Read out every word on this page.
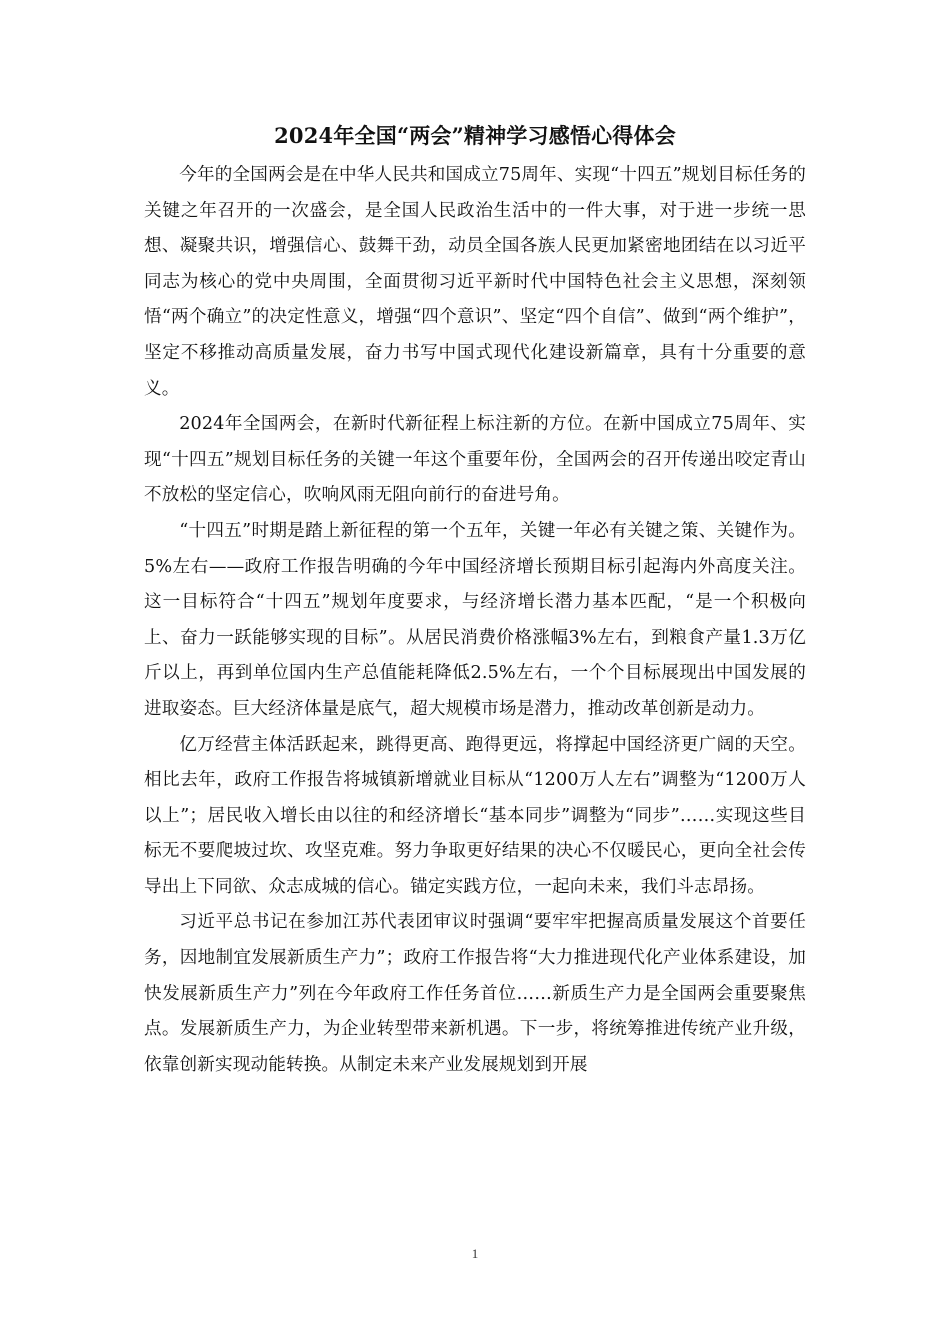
2024年全国“两会”精神学习感悟心得体会

今年的全国两会是在中华人民共和国成立75周年、实现“十四五”规划目标任务的关键之年召开的一次盛会，是全国人民政治生活中的一件大事，对于进一步统一思想、凝聚共识，增强信心、鼓舞干劲，动员全国各族人民更加紧密地团结在以习近平同志为核心的党中央周围，全面贯彻习近平新时代中国特色社会主义思想，深刻领悟“两个确立”的决定性意义，增强“四个意识”、坚定“四个自信”、做到“两个维护”，坚定不移推动高质量发展，奋力书写中国式现代化建设新篇章，具有十分重要的意义。

2024年全国两会，在新时代新征程上标注新的方位。在新中国成立75周年、实现“十四五”规划目标任务的关键一年这个重要年份，全国两会的召开传递出咬定青山不放松的坚定信心，吹响风雨无阻向前行的奋进号角。

“十四五”时期是踏上新征程的第一个五年，关键一年必有关键之策、关键作为。5%左右——政府工作报告明确的今年中国经济增长预期目标引起海内外高度关注。这一目标符合“十四五”规划年度要求，与经济增长潜力基本匹配，“是一个积极向上、奋力一跃能够实现的目标”。从居民消费价格涨幅3%左右，到粮食产量1.3万亿斤以上，再到单位国内生产总值能耗降低2.5%左右，一个个目标展现出中国发展的进取姿态。巨大经济体量是底气，超大规模市场是潜力，推动改革创新是动力。

亿万经营主体活跃起来，跳得更高、跑得更远，将撑起中国经济更广阔的天空。相比去年，政府工作报告将城镇新增就业目标从“1200万人左右”调整为“1200万人以上”；居民收入增长由以往的和经济增长“基本同步”调整为“同步”……实现这些目标无不要爬坡过坎、攻坚克难。努力争取更好结果的决心不仅暖民心，更向全社会传导出上下同欲、众志成城的信心。锚定实践方位，一起向未来，我们斗志昂扬。

习近平总书记在参加江苏代表团审议时强调“要牢牢把握高质量发展这个首要任务，因地制宜发展新质生产力”；政府工作报告将“大力推进现代化产业体系建设，加快发展新质生产力”列在今年政府工作任务首位……新质生产力是全国两会重要聚焦点。发展新质生产力，为企业转型带来新机遇。下一步，将统筹推进传统产业升级，依靠创新实现动能转换。从制定未来产业发展规划到开展

1
